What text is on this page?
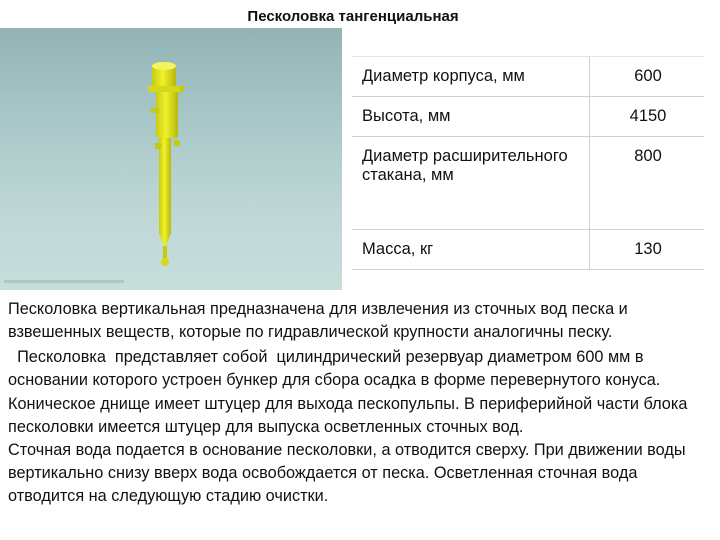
Песколовка тангенциальная
Диаметр корпуса, мм	600
Высота, мм	4150
Диаметр расширительного стакана, мм	800
Масса, кг	130

Песколовка вертикальная предназначена для извлечения из сточных вод песка и взвешенных веществ, которые по гидравлической крупности аналогичны песку.

Песколовка  представляет собой  цилиндрический резервуар диаметром 600 мм в основании которого устроен бункер для сбора осадка в форме перевернутого конуса.

Коническое днище имеет штуцер для выхода пескопульпы. В периферийной части блока песколовки имеется штуцер для выпуска осветленных сточных вод.

Сточная вода подается в основание песколовки, а отводится сверху. При движении воды вертикально снизу вверх вода освобождается от песка. Осветленная сточная вода отводится на следующую стадию очистки.
